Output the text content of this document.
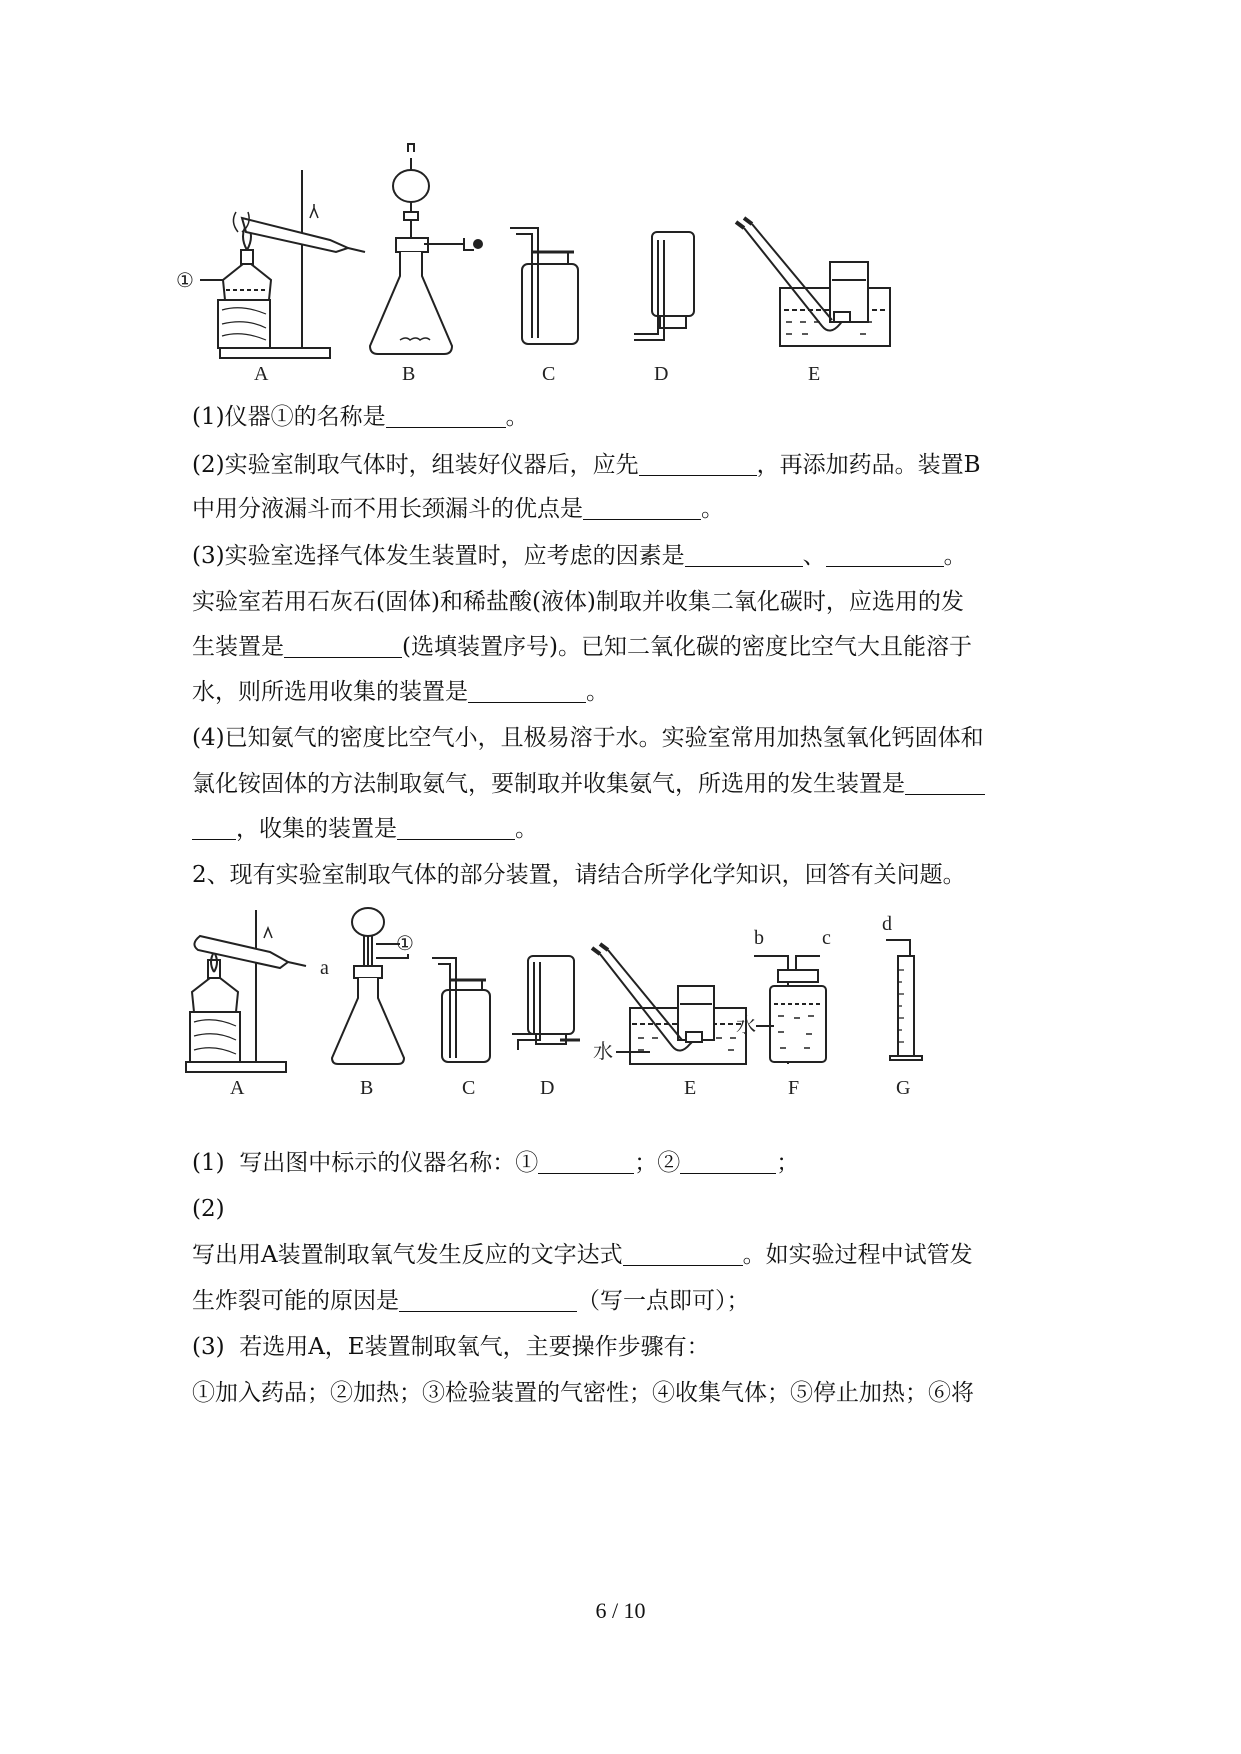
①
A	B	C	D	E
(1)仪器①的名称是	。
(2)实验室制取气体时，组装好仪器后，应先	，再添加药品。装置B
中用分液漏斗而不用长颈漏斗的优点是	。
(3)实验室选择气体发生装置时，应考虑的因素是	、	。
实验室若用石灰石(固体)和稀盐酸(液体)制取并收集二氧化碳时，应选用的发
生装置是	(选填装置序号)。已知二氧化碳的密度比空气大且能溶于
水，则所选用收集的装置是	。
(4)已知氨气的密度比空气小，且极易溶于水。实验室常用加热氢氧化钙固体和
氯化铵固体的方法制取氨气，要制取并收集氨气，所选用的发生装置是
，收集的装置是	。
2、现有实验室制取气体的部分装置，请结合所学化学知识，回答有关问题。
A
a
①
B	C	D
水
E
b	c
水
F
d
G
(1)  写出图中标示的仪器名称：①	；②	；
(2)
写出用A装置制取氧气发生反应的文字达式	。如实验过程中试管发
生炸裂可能的原因是	（写一点即可）；
(3)  若选用A，E装置制取氧气，主要操作步骤有：
①加入药品；②加热；③检验装置的气密性；④收集气体；⑤停止加热；⑥将
6 / 10
